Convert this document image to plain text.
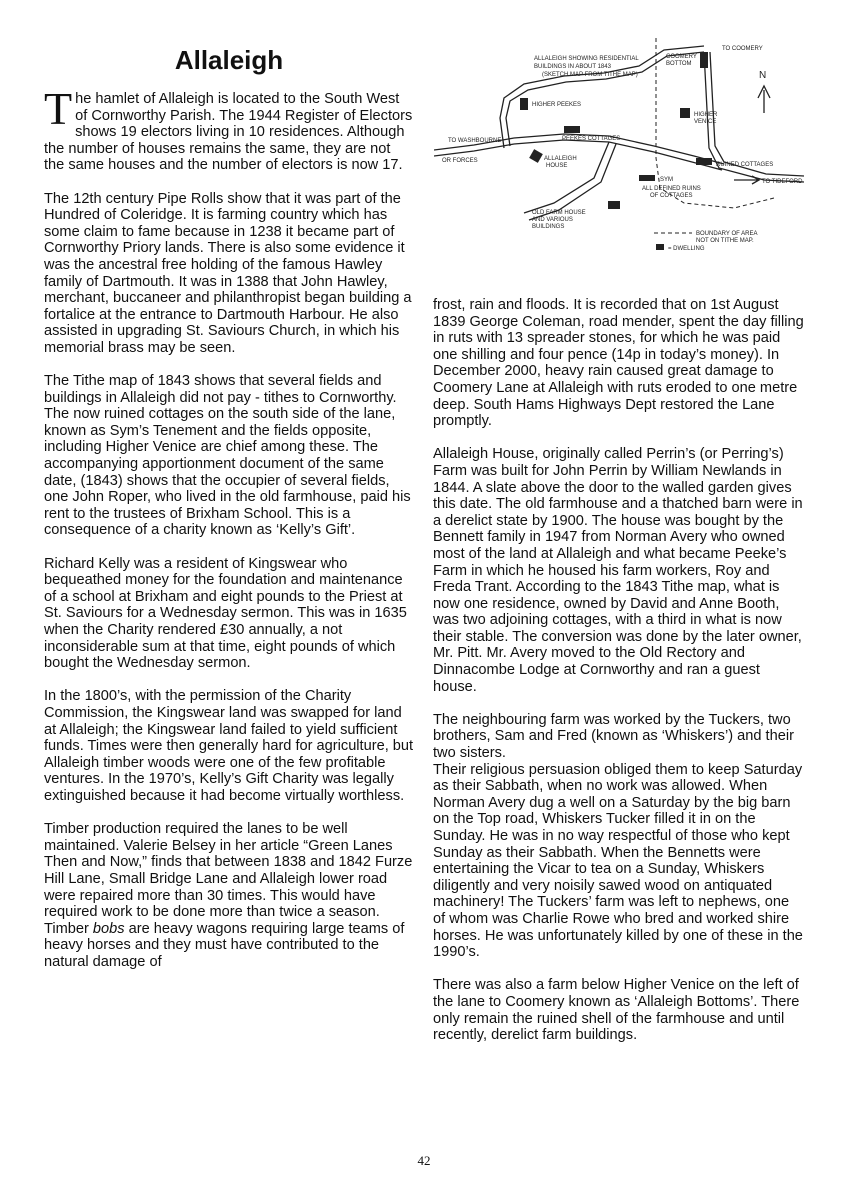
Allaleigh

The hamlet of Allaleigh is located to the South West of Cornworthy Parish. The 1944 Register of Electors shows 19 electors living in 10 residences. Although the number of houses remains the same, they are not the same houses and the number of electors is now 17.

The 12th century Pipe Rolls show that it was part of the Hundred of Coleridge. It is farming country which has some claim to fame because in 1238 it became part of Cornworthy Priory lands. There is also some evidence it was the ancestral free holding of the famous Hawley family of Dartmouth. It was in 1388 that John Hawley, merchant, buccaneer and philanthropist began building a fortalice at the entrance to Dartmouth Harbour. He also assisted in upgrading St. Saviours Church, in which his memorial brass may be seen.

The Tithe map of 1843 shows that several fields and buildings in Allaleigh did not pay - tithes to Cornworthy. The now ruined cottages on the south side of the lane, known as Sym’s Tenement and the fields opposite, including Higher Venice are chief among these. The accompanying apportionment document of the same date, (1843) shows that the occupier of several fields, one John Roper, who lived in the old farmhouse, paid his rent to the trustees of Brixham School. This is a consequence of a charity known as ‘Kelly’s Gift’.

Richard Kelly was a resident of Kingswear who bequeathed money for the foundation and maintenance of a school at Brixham and eight pounds to the Priest at St. Saviours for a Wednesday sermon. This was in 1635 when the Charity rendered £30 annually, a not inconsiderable sum at that time, eight pounds of which bought the Wednesday sermon.

In the 1800’s, with the permission of the Charity Commission, the Kingswear land was swapped for land at Allaleigh; the Kingswear land failed to yield sufficient funds. Times were then generally hard for agriculture, but Allaleigh timber woods were one of the few profitable ventures. In the 1970’s, Kelly’s Gift Charity was legally extinguished because it had become virtually worthless.

Timber production required the lanes to be well maintained. Valerie Belsey in her article “Green Lanes Then and Now,” finds that between 1838 and 1842 Furze Hill Lane, Small Bridge Lane and Allaleigh lower road were repaired more than 30 times. This would have required work to be done more than twice a season. Timber bobs are heavy wagons requiring large teams of heavy horses and they must have contributed to the natural damage of

ALLALEIGH SHOWING RESIDENTIAL
BUILDINGS IN ABOUT 1843
(SKETCH MAP FROM TITHE MAP)
TO COOMERY
COOMERY
BOTTOM
N
HIGHER PEEKES
HIGHER
VENICE
TO WASHBOURNE
OR FORCES
PEEKES COTTAGES
ALLALEIGH
HOUSE	RUINED COTTAGES
TO TIDEFORD
SYM
ALL DEFINED RUINS
OF COTTAGES
OLD FARM HOUSE
AND VARIOUS
BUILDINGS
BOUNDARY OF AREA
NOT ON TITHE MAP.
= DWELLING

frost, rain and floods. It is recorded that on 1st August 1839 George Coleman, road mender, spent the day filling in ruts with 13 spreader stones, for which he was paid one shilling and four pence (14p in today’s money). In December 2000, heavy rain caused great damage to Coomery Lane at Allaleigh with ruts eroded to one metre deep. South Hams Highways Dept restored the Lane promptly.

Allaleigh House, originally called Perrin’s (or Perring’s) Farm was built for John Perrin by William Newlands in 1844. A slate above the door to the walled garden gives this date. The old farmhouse and a thatched barn were in a derelict state by 1900. The house was bought by the Bennett family in 1947 from Norman Avery who owned most of the land at Allaleigh and what became Peeke’s Farm in which he housed his farm workers, Roy and Freda Trant. According to the 1843 Tithe map, what is now one residence, owned by David and Anne Booth, was two adjoining cottages, with a third in what is now their stable. The conversion was done by the later owner, Mr. Pitt. Mr. Avery moved to the Old Rectory and Dinnacombe Lodge at Cornworthy and ran a guest house.

The neighbouring farm was worked by the Tuckers, two brothers, Sam and Fred (known as ‘Whiskers’) and their two sisters.
Their religious persuasion obliged them to keep Saturday as their Sabbath, when no work was allowed. When Norman Avery dug a well on a Saturday by the big barn on the Top road, Whiskers Tucker filled it in on the Sunday. He was in no way respectful of those who kept Sunday as their Sabbath. When the Bennetts were entertaining the Vicar to tea on a Sunday, Whiskers diligently and very noisily sawed wood on antiquated machinery! The Tuckers’ farm was left to nephews, one of whom was Charlie Rowe who bred and worked shire horses. He was unfortunately killed by one of these in the 1990’s.

There was also a farm below Higher Venice on the left of the lane to Coomery known as ‘Allaleigh Bottoms’. There only remain the ruined shell of the farmhouse and until recently, derelict farm buildings.

42
